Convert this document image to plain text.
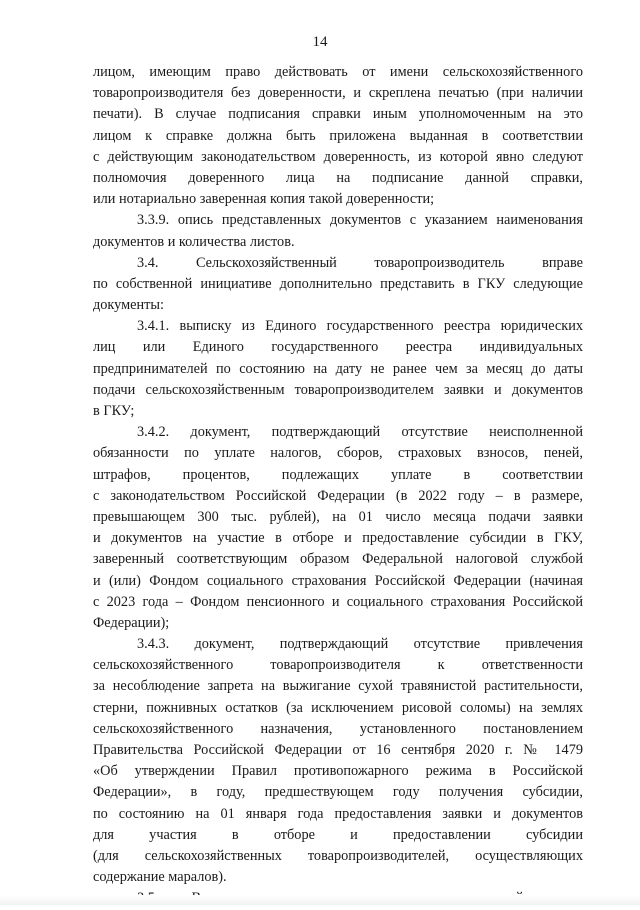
14
лицом, имеющим право действовать от имени сельскохозяйственного
товаропроизводителя без доверенности, и скреплена печатью (при наличии
печати). В случае подписания справки иным уполномоченным на это
лицом к справке должна быть приложена выданная в соответствии
с действующим законодательством доверенность, из которой явно следуют
полномочия доверенного лица на подписание данной справки,
или нотариально заверенная копия такой доверенности;
3.3.9. опись представленных документов с указанием наименования
документов и количества листов.
3.4. Сельскохозяйственный товаропроизводитель вправе
по собственной инициативе дополнительно представить в ГКУ следующие
документы:
3.4.1. выписку из Единого государственного реестра юридических
лиц или Единого государственного реестра индивидуальных
предпринимателей по состоянию на дату не ранее чем за месяц до даты
подачи сельскохозяйственным товаропроизводителем заявки и документов
в ГКУ;
3.4.2. документ, подтверждающий отсутствие неисполненной
обязанности по уплате налогов, сборов, страховых взносов, пеней,
штрафов, процентов, подлежащих уплате в соответствии
с законодательством Российской Федерации (в 2022 году – в размере,
превышающем 300 тыс. рублей), на 01 число месяца подачи заявки
и документов на участие в отборе и предоставление субсидии в ГКУ,
заверенный соответствующим образом Федеральной налоговой службой
и (или) Фондом социального страхования Российской Федерации (начиная
с 2023 года – Фондом пенсионного и социального страхования Российской
Федерации);
3.4.3. документ, подтверждающий отсутствие привлечения
сельскохозяйственного товаропроизводителя к ответственности
за несоблюдение запрета на выжигание сухой травянистой растительности,
стерни, пожнивных остатков (за исключением рисовой соломы) на землях
сельскохозяйственного назначения, установленного постановлением
Правительства Российской Федерации от 16 сентября 2020 г. № 1479
«Об утверждении Правил противопожарного режима в Российской
Федерации», в году, предшествующем году получения субсидии,
по состоянию на 01 января года предоставления заявки и документов
для участия в отборе и предоставлении субсидии
(для сельскохозяйственных товаропроизводителей, осуществляющих
содержание маралов).
